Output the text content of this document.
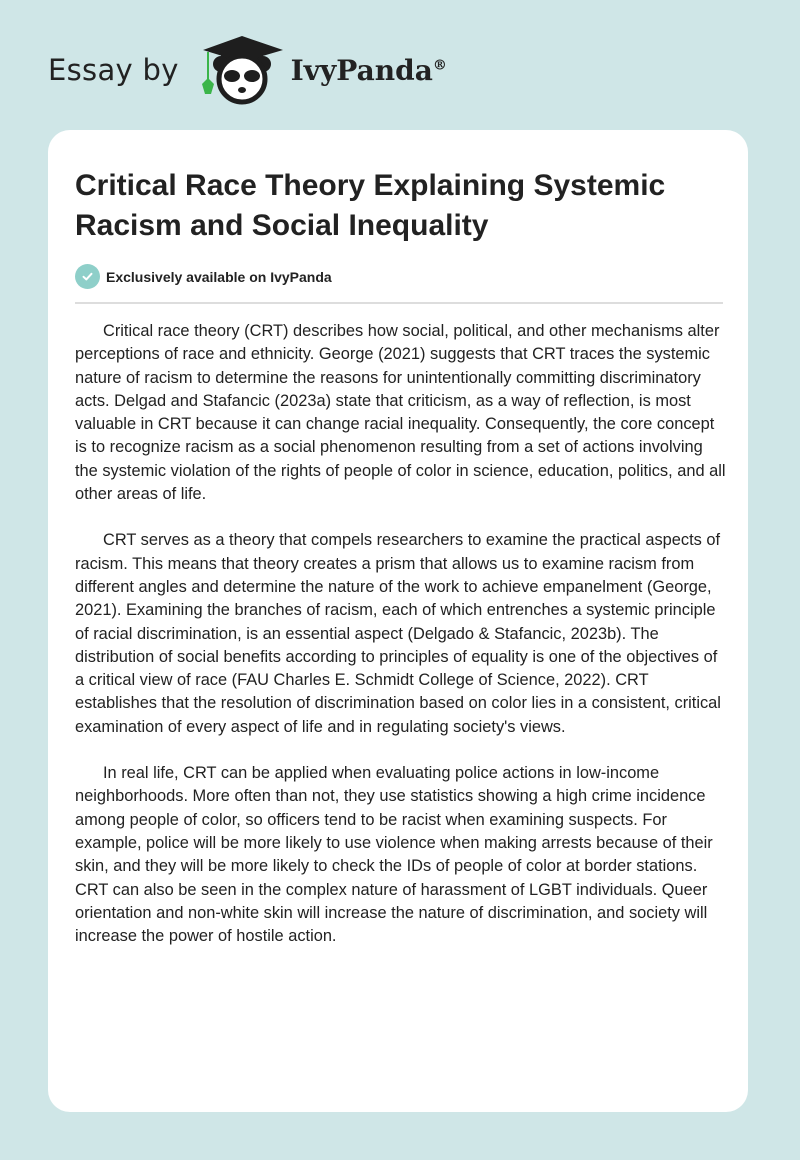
Essay by	IvyPanda®
Critical Race Theory Explaining Systemic Racism and Social Inequality
Exclusively available on IvyPanda

Critical race theory (CRT) describes how social, political, and other mechanisms alter perceptions of race and ethnicity. George (2021) suggests that CRT traces the systemic nature of racism to determine the reasons for unintentionally committing discriminatory acts. Delgad and Stafancic (2023a) state that criticism, as a way of reflection, is most valuable in CRT because it can change racial inequality. Consequently, the core concept is to recognize racism as a social phenomenon resulting from a set of actions involving the systemic violation of the rights of people of color in science, education, politics, and all other areas of life.

CRT serves as a theory that compels researchers to examine the practical aspects of racism. This means that theory creates a prism that allows us to examine racism from different angles and determine the nature of the work to achieve empanelment (George, 2021). Examining the branches of racism, each of which entrenches a systemic principle of racial discrimination, is an essential aspect (Delgado & Stafancic, 2023b). The distribution of social benefits according to principles of equality is one of the objectives of a critical view of race (FAU Charles E. Schmidt College of Science, 2022). CRT establishes that the resolution of discrimination based on color lies in a consistent, critical examination of every aspect of life and in regulating society's views.

In real life, CRT can be applied when evaluating police actions in low-income neighborhoods. More often than not, they use statistics showing a high crime incidence among people of color, so officers tend to be racist when examining suspects. For example, police will be more likely to use violence when making arrests because of their skin, and they will be more likely to check the IDs of people of color at border stations. CRT can also be seen in the complex nature of harassment of LGBT individuals. Queer orientation and non-white skin will increase the nature of discrimination, and society will increase the power of hostile action.
